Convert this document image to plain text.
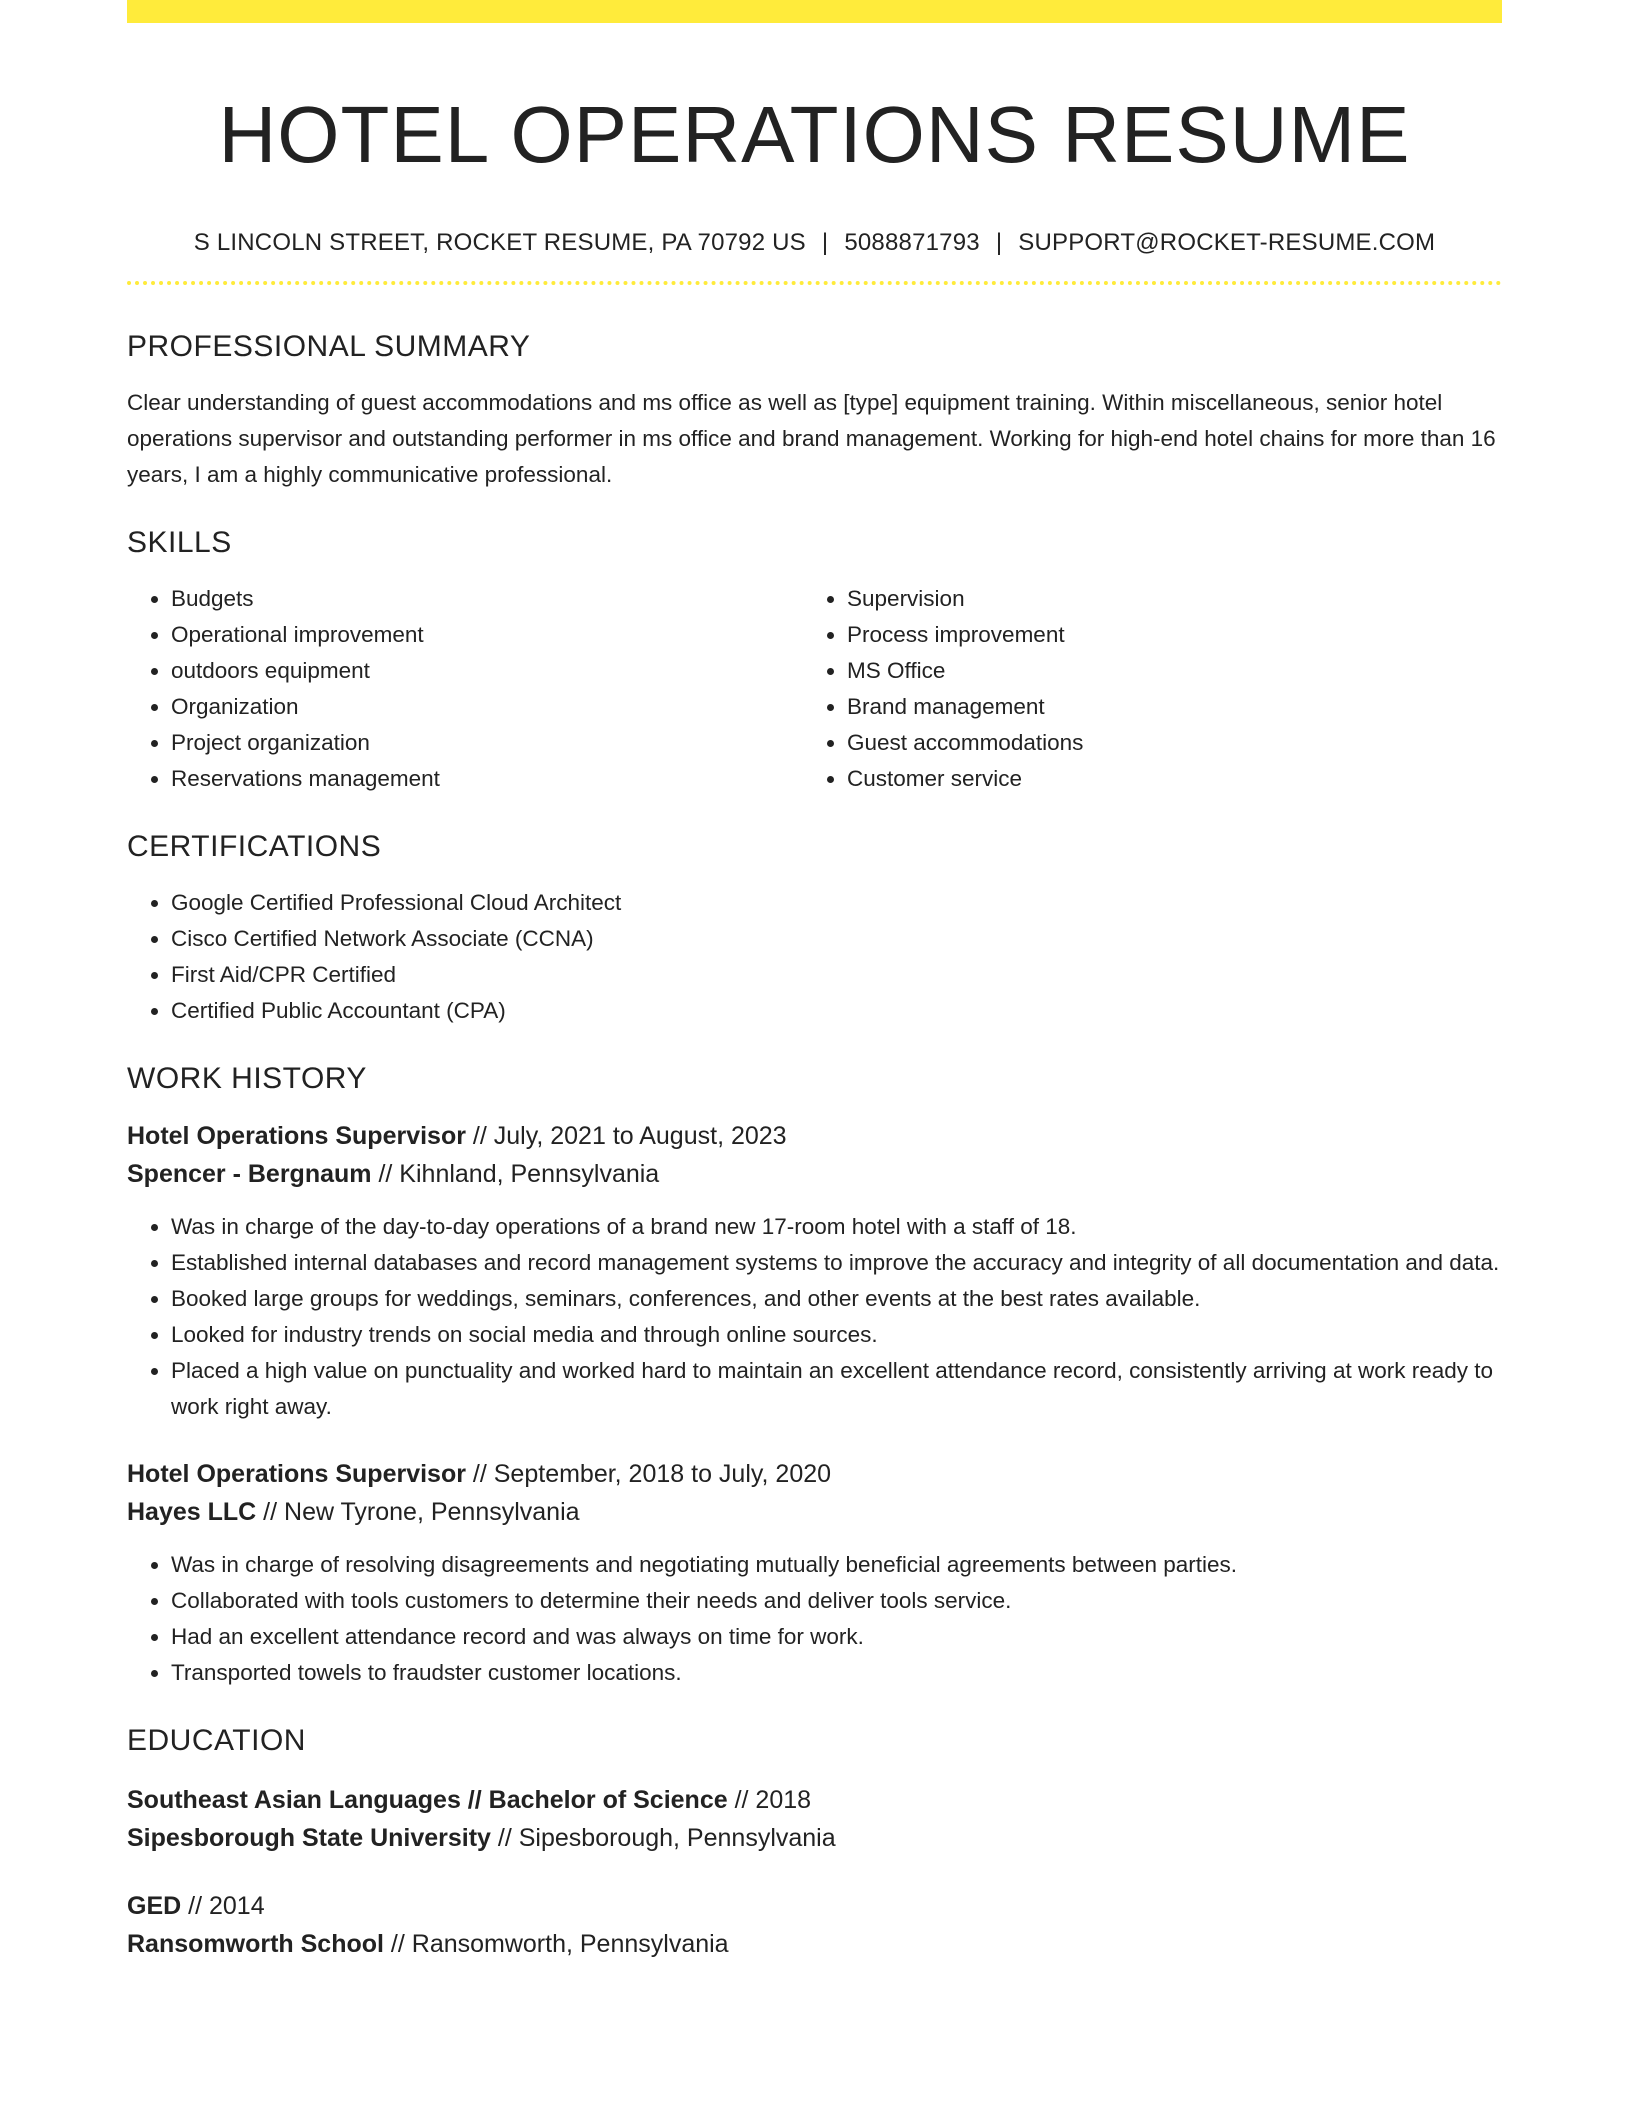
HOTEL OPERATIONS RESUME
S LINCOLN STREET, ROCKET RESUME, PA 70792 US | 5088871793 | SUPPORT@ROCKET-RESUME.COM
PROFESSIONAL SUMMARY
Clear understanding of guest accommodations and ms office as well as [type] equipment training. Within miscellaneous, senior hotel operations supervisor and outstanding performer in ms office and brand management. Working for high-end hotel chains for more than 16 years, I am a highly communicative professional.
SKILLS
• Budgets
• Operational improvement
• outdoors equipment
• Organization
• Project organization
• Reservations management
• Supervision
• Process improvement
• MS Office
• Brand management
• Guest accommodations
• Customer service
CERTIFICATIONS
• Google Certified Professional Cloud Architect
• Cisco Certified Network Associate (CCNA)
• First Aid/CPR Certified
• Certified Public Accountant (CPA)
WORK HISTORY
Hotel Operations Supervisor // July, 2021 to August, 2023
Spencer - Bergnaum // Kihnland, Pennsylvania
• Was in charge of the day-to-day operations of a brand new 17-room hotel with a staff of 18.
• Established internal databases and record management systems to improve the accuracy and integrity of all documentation and data.
• Booked large groups for weddings, seminars, conferences, and other events at the best rates available.
• Looked for industry trends on social media and through online sources.
• Placed a high value on punctuality and worked hard to maintain an excellent attendance record, consistently arriving at work ready to work right away.
Hotel Operations Supervisor // September, 2018 to July, 2020
Hayes LLC // New Tyrone, Pennsylvania
• Was in charge of resolving disagreements and negotiating mutually beneficial agreements between parties.
• Collaborated with tools customers to determine their needs and deliver tools service.
• Had an excellent attendance record and was always on time for work.
• Transported towels to fraudster customer locations.
EDUCATION
Southeast Asian Languages // Bachelor of Science // 2018
Sipesborough State University // Sipesborough, Pennsylvania
GED // 2014
Ransomworth School // Ransomworth, Pennsylvania
